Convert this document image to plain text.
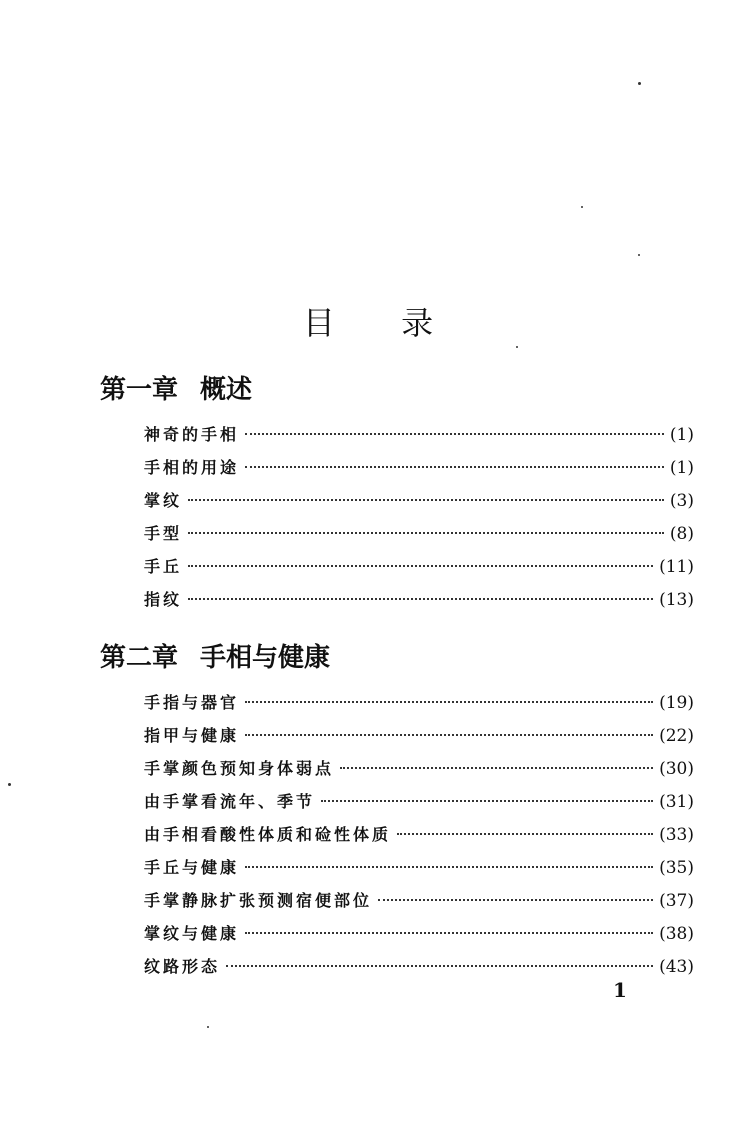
目 录
第一章 概述
神奇的手相	(1)
手相的用途	(1)
掌纹	(3)
手型	(8)
手丘	(11)
指纹	(13)
第二章 手相与健康
手指与器官	(19)
指甲与健康	(22)
手掌颜色预知身体弱点	(30)
由手掌看流年、季节	(31)
由手相看酸性体质和硷性体质	(33)
手丘与健康	(35)
手掌静脉扩张预测宿便部位	(37)
掌纹与健康	(38)
纹路形态	(43)

1
